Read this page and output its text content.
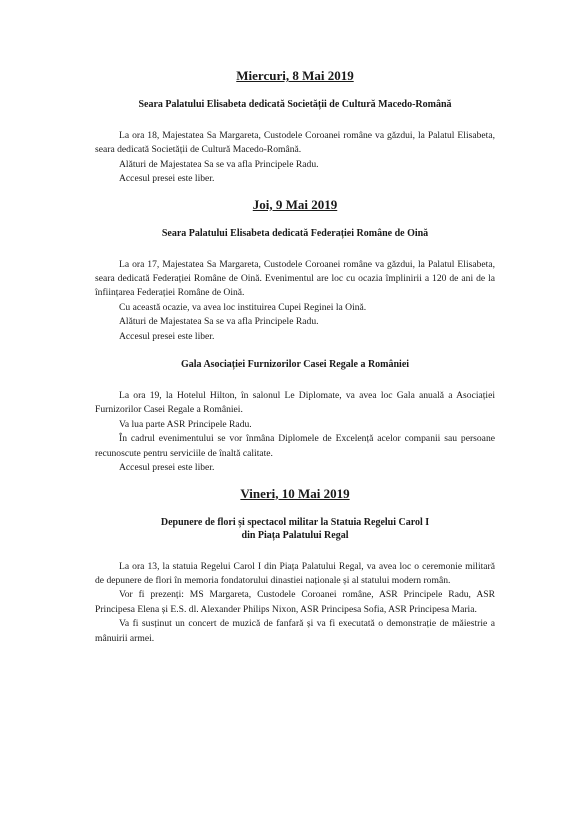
Miercuri, 8 Mai 2019
Seara Palatului Elisabeta dedicată Societății de Cultură Macedo-Română

La ora 18, Majestatea Sa Margareta, Custodele Coroanei române va găzdui, la Palatul Elisabeta, seara dedicată Societății de Cultură Macedo-Română.

Alături de Majestatea Sa se va afla Principele Radu.

Accesul presei este liber.

Joi, 9 Mai 2019
Seara Palatului Elisabeta dedicată Federației Române de Oină

La ora 17, Majestatea Sa Margareta, Custodele Coroanei române va găzdui, la Palatul Elisabeta, seara dedicată Federației Române de Oină. Evenimentul are loc cu ocazia împlinirii a 120 de ani de la înființarea Federației Române de Oină.

Cu această ocazie, va avea loc instituirea Cupei Reginei la Oină.

Alături de Majestatea Sa se va afla Principele Radu.

Accesul presei este liber.

Gala Asociației Furnizorilor Casei Regale a României

La ora 19, la Hotelul Hilton, în salonul Le Diplomate, va avea loc Gala anuală a Asociației Furnizorilor Casei Regale a României.

Va lua parte ASR Principele Radu.

În cadrul evenimentului se vor înmâna Diplomele de Excelență acelor companii sau persoane recunoscute pentru serviciile de înaltă calitate.

Accesul presei este liber.

Vineri, 10 Mai 2019
Depunere de flori și spectacol militar la Statuia Regelui Carol I
din Piața Palatului Regal

La ora 13, la statuia Regelui Carol I din Piața Palatului Regal, va avea loc o ceremonie militară de depunere de flori în memoria fondatorului dinastiei naționale și al statului modern român.

Vor fi prezenți: MS Margareta, Custodele Coroanei române, ASR Principele Radu, ASR Principesa Elena și E.S. dl. Alexander Philips Nixon, ASR Principesa Sofia, ASR Principesa Maria.

Va fi susținut un concert de muzică de fanfară și va fi executată o demonstrație de măiestrie a mânuirii armei.
